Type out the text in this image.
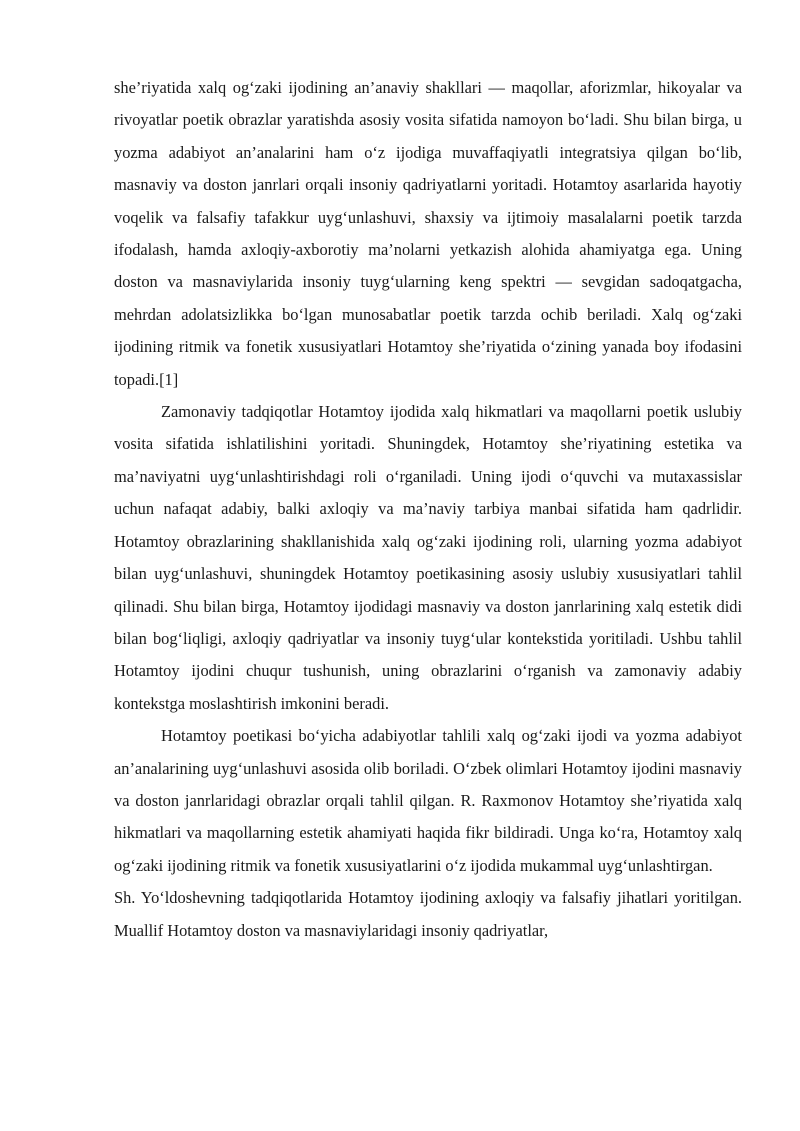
she’riyatida xalq og‘zaki ijodining an’anaviy shakllari — maqollar, aforizmlar, hikoyalar va rivoyatlar poetik obrazlar yaratishda asosiy vosita sifatida namoyon bo‘ladi. Shu bilan birga, u yozma adabiyot an’analarini ham o‘z ijodiga muvaffaqiyatli integratsiya qilgan bo‘lib, masnaviy va doston janrlari orqali insoniy qadriyatlarni yoritadi. Hotamtoy asarlarida hayotiy voqelik va falsafiy tafakkur uyg‘unlashuvi, shaxsiy va ijtimoiy masalalarni poetik tarzda ifodalash, hamda axloqiy-axborotiy ma’nolarni yetkazish alohida ahamiyatga ega. Uning doston va masnaviylarida insoniy tuyg‘ularning keng spektri — sevgidan sadoqatgacha, mehrdan adolatsizlikka bo‘lgan munosabatlar poetik tarzda ochib beriladi. Xalq og‘zaki ijodining ritmik va fonetik xususiyatlari Hotamtoy she’riyatida o‘zining yanada boy ifodasini topadi.[1]

Zamonaviy tadqiqotlar Hotamtoy ijodida xalq hikmatlari va maqollarni poetik uslubiy vosita sifatida ishlatilishini yoritadi. Shuningdek, Hotamtoy she’riyatining estetika va ma’naviyatni uyg‘unlashtirishdagi roli o‘rganiladi. Uning ijodi o‘quvchi va mutaxassislar uchun nafaqat adabiy, balki axloqiy va ma’naviy tarbiya manbai sifatida ham qadrlidir. Hotamtoy obrazlarining shakllanishida xalq og‘zaki ijodining roli, ularning yozma adabiyot bilan uyg‘unlashuvi, shuningdek Hotamtoy poetikasining asosiy uslubiy xususiyatlari tahlil qilinadi. Shu bilan birga, Hotamtoy ijodidagi masnaviy va doston janrlarining xalq estetik didi bilan bog‘liqligi, axloqiy qadriyatlar va insoniy tuyg‘ular kontekstida yoritiladi. Ushbu tahlil Hotamtoy ijodini chuqur tushunish, uning obrazlarini o‘rganish va zamonaviy adabiy kontekstga moslashtirish imkonini beradi.

Hotamtoy poetikasi bo‘yicha adabiyotlar tahlili xalq og‘zaki ijodi va yozma adabiyot an’analarining uyg‘unlashuvi asosida olib boriladi. O‘zbek olimlari Hotamtoy ijodini masnaviy va doston janrlaridagi obrazlar orqali tahlil qilgan. R. Raxmonov Hotamtoy she’riyatida xalq hikmatlari va maqollarning estetik ahamiyati haqida fikr bildiradi. Unga ko‘ra, Hotamtoy xalq og‘zaki ijodining ritmik va fonetik xususiyatlarini o‘z ijodida mukammal uyg‘unlashtirgan.

Sh. Yo‘ldoshevning tadqiqotlarida Hotamtoy ijodining axloqiy va falsafiy jihatlari yoritilgan. Muallif Hotamtoy doston va masnaviylaridagi insoniy qadriyatlar,
